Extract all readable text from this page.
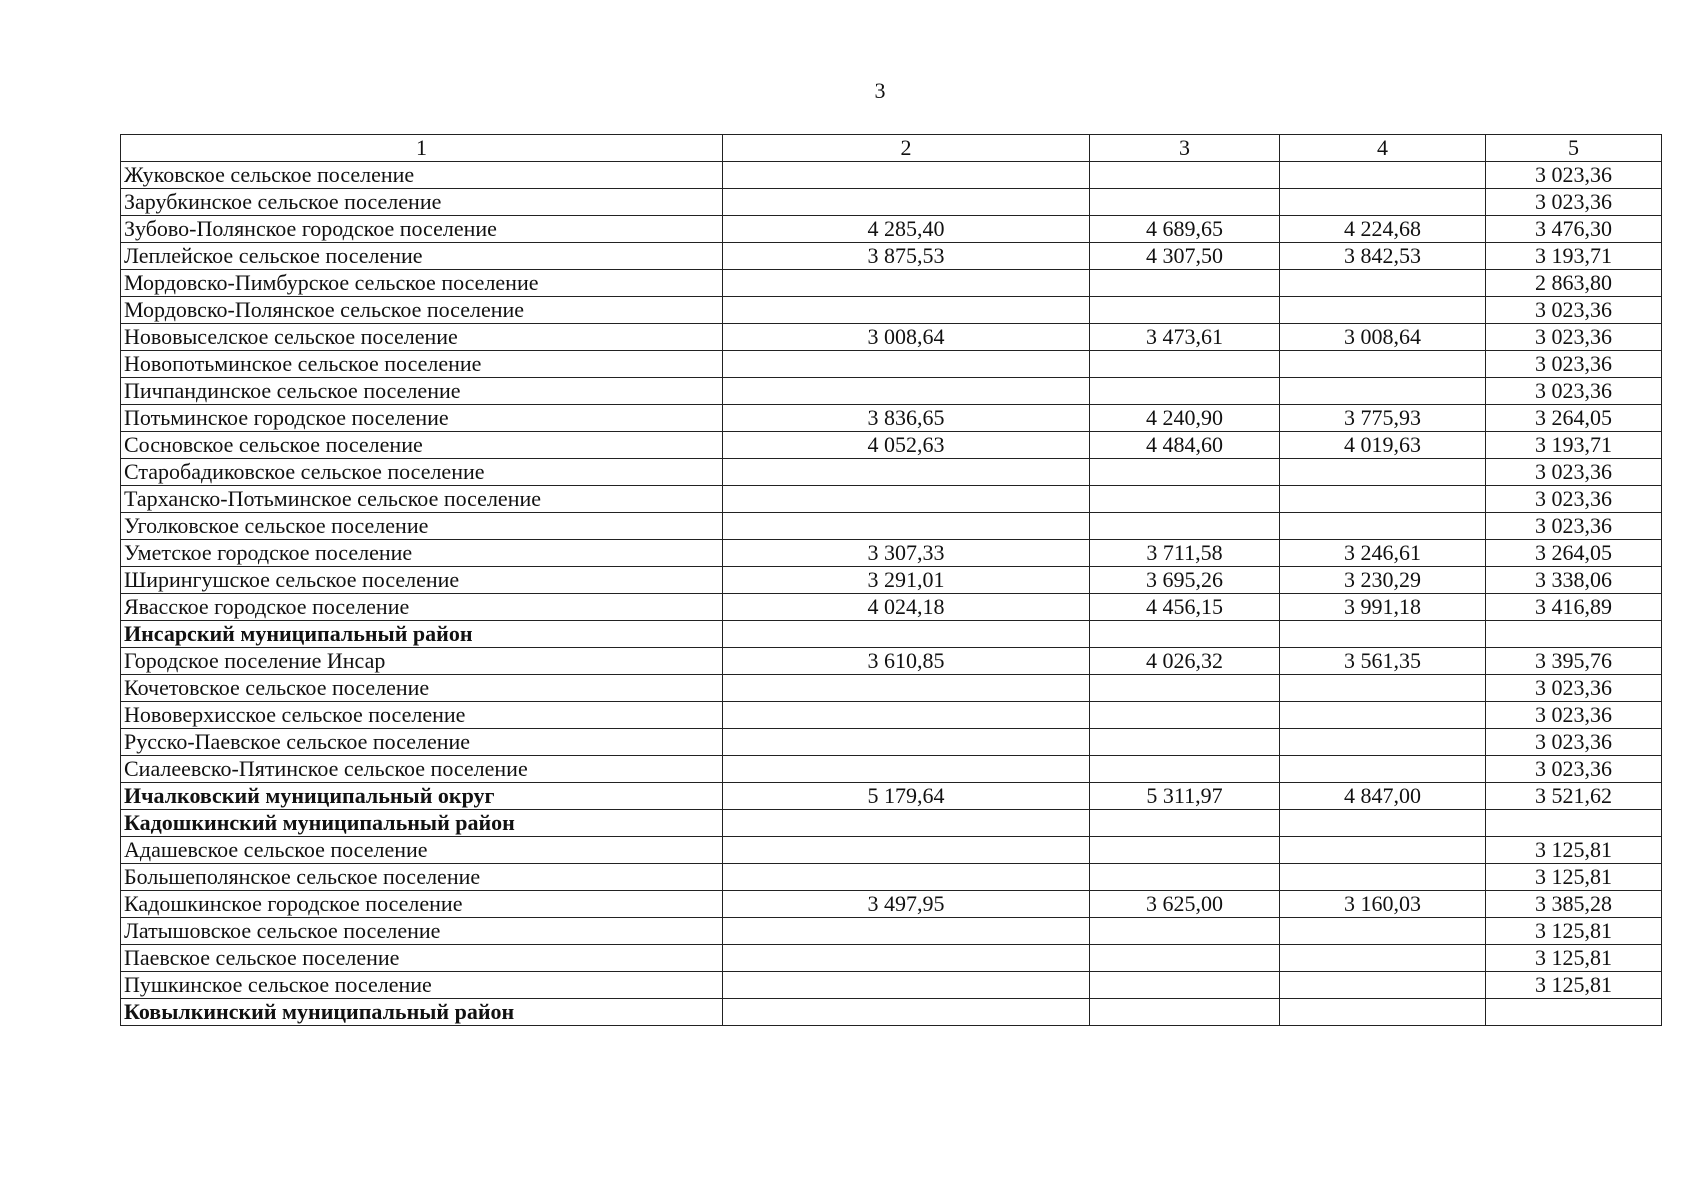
3
1	2	3	4	5
Жуковское сельское поселение				3 023,36
Зарубкинское сельское поселение				3 023,36
Зубово-Полянское городское поселение	4 285,40	4 689,65	4 224,68	3 476,30
Леплейское сельское поселение	3 875,53	4 307,50	3 842,53	3 193,71
Мордовско-Пимбурское сельское поселение				2 863,80
Мордовско-Полянское сельское поселение				3 023,36
Нововыселское сельское поселение	3 008,64	3 473,61	3 008,64	3 023,36
Новопотьминское сельское поселение				3 023,36
Пичпандинское сельское поселение				3 023,36
Потьминское городское поселение	3 836,65	4 240,90	3 775,93	3 264,05
Сосновское сельское поселение	4 052,63	4 484,60	4 019,63	3 193,71
Старобадиковское сельское поселение				3 023,36
Тарханско-Потьминское сельское поселение				3 023,36
Уголковское сельское поселение				3 023,36
Уметское городское поселение	3 307,33	3 711,58	3 246,61	3 264,05
Ширингушское сельское поселение	3 291,01	3 695,26	3 230,29	3 338,06
Явасское городское поселение	4 024,18	4 456,15	3 991,18	3 416,89
Инсарский муниципальный район				
Городское поселение Инсар	3 610,85	4 026,32	3 561,35	3 395,76
Кочетовское сельское поселение				3 023,36
Нововерхисское сельское поселение				3 023,36
Русско-Паевское сельское поселение				3 023,36
Сиалеевско-Пятинское сельское поселение				3 023,36
Ичалковский муниципальный округ	5 179,64	5 311,97	4 847,00	3 521,62
Кадошкинский муниципальный район				
Адашевское сельское поселение				3 125,81
Большеполянское сельское поселение				3 125,81
Кадошкинское городское поселение	3 497,95	3 625,00	3 160,03	3 385,28
Латышовское сельское поселение				3 125,81
Паевское сельское поселение				3 125,81
Пушкинское сельское поселение				3 125,81
Ковылкинский муниципальный район				
